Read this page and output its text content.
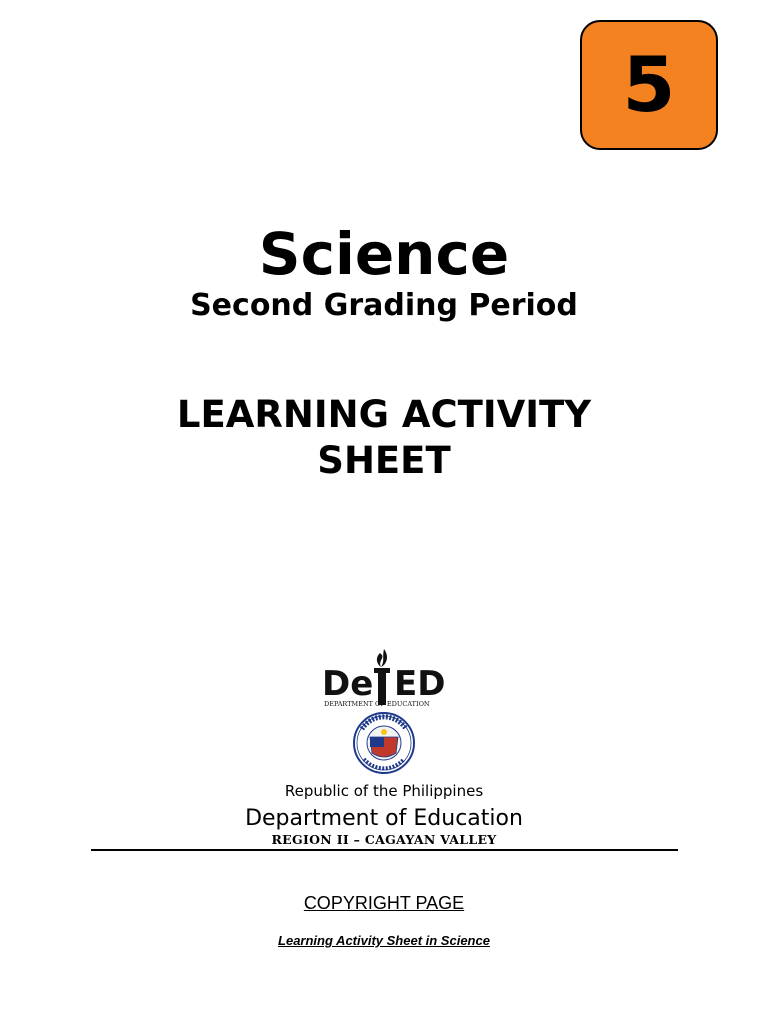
5
Science
Second Grading Period
LEARNING ACTIVITY
SHEET
De ED
DEPARTMENT OF EDUCATION
Republic of the Philippines
Department of Education
REGION II – CAGAYAN VALLEY
COPYRIGHT PAGE
Learning Activity Sheet in Science
